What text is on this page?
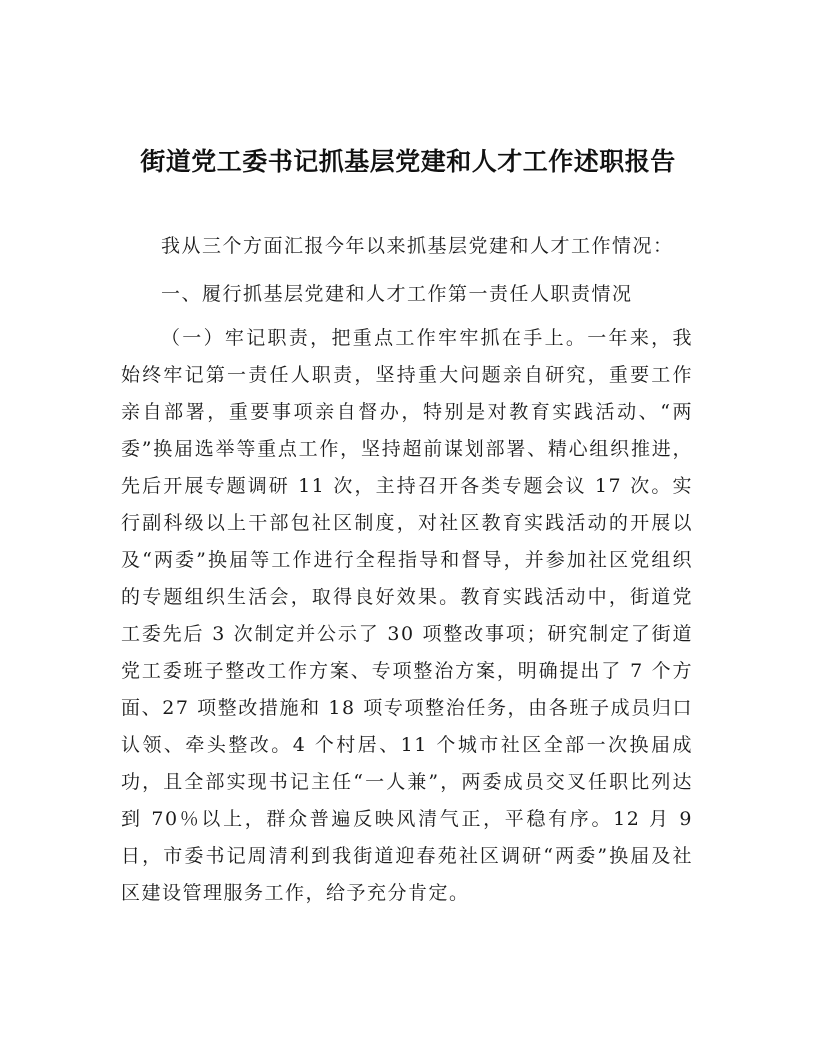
街道党工委书记抓基层党建和人才工作述职报告
我从三个方面汇报今年以来抓基层党建和人才工作情况：
一、履行抓基层党建和人才工作第一责任人职责情况
（一）牢记职责，把重点工作牢牢抓在手上。一年来，我始终牢记第一责任人职责，坚持重大问题亲自研究，重要工作亲自部署，重要事项亲自督办，特别是对教育实践活动、“两委”换届选举等重点工作，坚持超前谋划部署、精心组织推进，先后开展专题调研 11 次，主持召开各类专题会议 17 次。实行副科级以上干部包社区制度，对社区教育实践活动的开展以及“两委”换届等工作进行全程指导和督导，并参加社区党组织的专题组织生活会，取得良好效果。教育实践活动中，街道党工委先后 3 次制定并公示了 30 项整改事项；研究制定了街道党工委班子整改工作方案、专项整治方案，明确提出了 7 个方面、27 项整改措施和 18 项专项整治任务，由各班子成员归口认领、牵头整改。4 个村居、11 个城市社区全部一次换届成功，且全部实现书记主任“一人兼”，两委成员交叉任职比列达到 70％以上，群众普遍反映风清气正，平稳有序。12 月 9 日，市委书记周清利到我街道迎春苑社区调研“两委”换届及社区建设管理服务工作，给予充分肯定。
